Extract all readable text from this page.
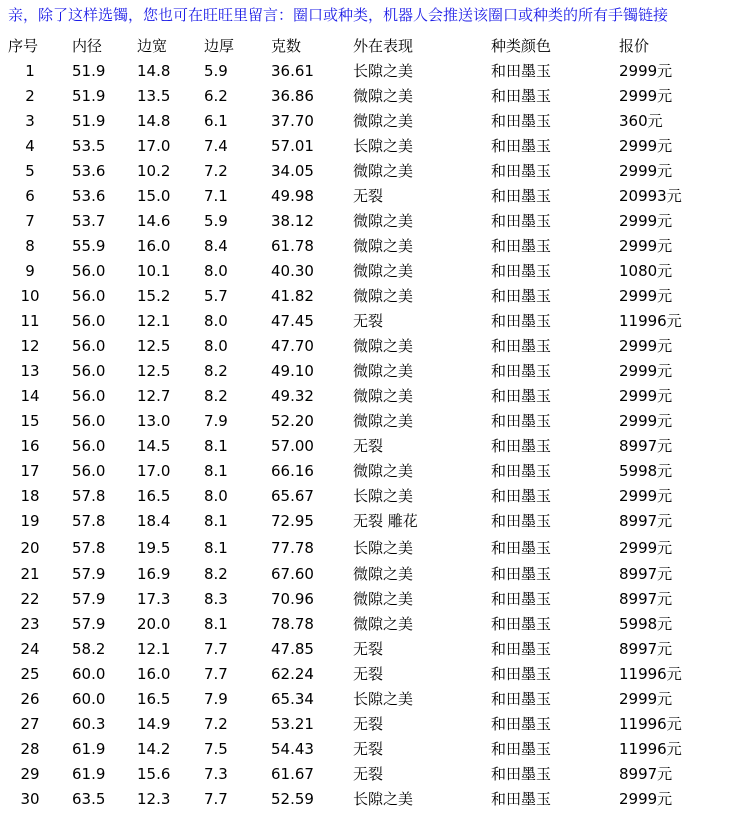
亲，除了这样选镯，您也可在旺旺里留言：圈口或种类，机器人会推送该圈口或种类的所有手镯链接
序号	内径	边宽	边厚	克数	外在表现	种类颜色	报价
1	51.9	14.8	5.9	36.61	长隙之美	和田墨玉	2999元
2	51.9	13.5	6.2	36.86	微隙之美	和田墨玉	2999元
3	51.9	14.8	6.1	37.70	微隙之美	和田墨玉	360元
4	53.5	17.0	7.4	57.01	长隙之美	和田墨玉	2999元
5	53.6	10.2	7.2	34.05	微隙之美	和田墨玉	2999元
6	53.6	15.0	7.1	49.98	无裂	和田墨玉	20993元
7	53.7	14.6	5.9	38.12	微隙之美	和田墨玉	2999元
8	55.9	16.0	8.4	61.78	微隙之美	和田墨玉	2999元
9	56.0	10.1	8.0	40.30	微隙之美	和田墨玉	1080元
10	56.0	15.2	5.7	41.82	微隙之美	和田墨玉	2999元
11	56.0	12.1	8.0	47.45	无裂	和田墨玉	11996元
12	56.0	12.5	8.0	47.70	微隙之美	和田墨玉	2999元
13	56.0	12.5	8.2	49.10	微隙之美	和田墨玉	2999元
14	56.0	12.7	8.2	49.32	微隙之美	和田墨玉	2999元
15	56.0	13.0	7.9	52.20	微隙之美	和田墨玉	2999元
16	56.0	14.5	8.1	57.00	无裂	和田墨玉	8997元
17	56.0	17.0	8.1	66.16	微隙之美	和田墨玉	5998元
18	57.8	16.5	8.0	65.67	长隙之美	和田墨玉	2999元
19	57.8	18.4	8.1	72.95	无裂 雕花	和田墨玉	8997元
20	57.8	19.5	8.1	77.78	长隙之美	和田墨玉	2999元
21	57.9	16.9	8.2	67.60	微隙之美	和田墨玉	8997元
22	57.9	17.3	8.3	70.96	微隙之美	和田墨玉	8997元
23	57.9	20.0	8.1	78.78	微隙之美	和田墨玉	5998元
24	58.2	12.1	7.7	47.85	无裂	和田墨玉	8997元
25	60.0	16.0	7.7	62.24	无裂	和田墨玉	11996元
26	60.0	16.5	7.9	65.34	长隙之美	和田墨玉	2999元
27	60.3	14.9	7.2	53.21	无裂	和田墨玉	11996元
28	61.9	14.2	7.5	54.43	无裂	和田墨玉	11996元
29	61.9	15.6	7.3	61.67	无裂	和田墨玉	8997元
30	63.5	12.3	7.7	52.59	长隙之美	和田墨玉	2999元
